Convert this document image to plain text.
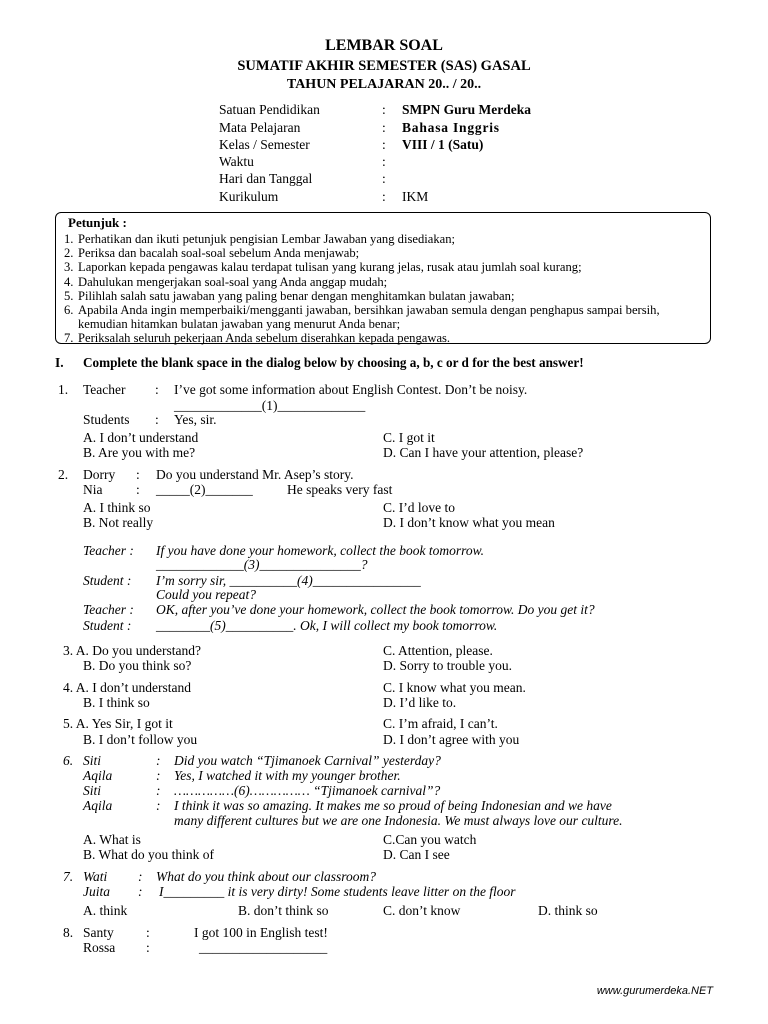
LEMBAR SOAL
SUMATIF AKHIR SEMESTER (SAS) GASAL
TAHUN PELAJARAN 20.. / 20..
Satuan Pendidikan	: SMPN Guru Merdeka
Mata Pelajaran	: Bahasa Inggris
Kelas / Semester	: VIII / 1 (Satu)
Waktu	:
Hari dan Tanggal	:
Kurikulum	: IKM
Petunjuk :
1. Perhatikan dan ikuti petunjuk pengisian Lembar Jawaban yang disediakan;
2. Periksa dan bacalah soal-soal sebelum Anda menjawab;
3. Laporkan kepada pengawas kalau terdapat tulisan yang kurang jelas, rusak atau jumlah soal kurang;
4. Dahulukan mengerjakan soal-soal yang Anda anggap mudah;
5. Pilihlah salah satu jawaban yang paling benar dengan menghitamkan bulatan jawaban;
6. Apabila Anda ingin memperbaiki/mengganti jawaban, bersihkan jawaban semula dengan penghapus sampai bersih, kemudian hitamkan bulatan jawaban yang menurut Anda benar;
7. Periksalah seluruh pekerjaan Anda sebelum diserahkan kepada pengawas.
I. Complete the blank space in the dialog below by choosing a, b, c or d for the best answer!
1. Teacher : I’ve got some information about English Contest. Don’t be noisy.
_____________(1)_____________
Students : Yes, sir.
A. I don’t understand	C. I got it
B. Are you with me?	D. Can I have your attention, please?
2. Dorry : Do you understand Mr. Asep’s story.
Nia : _____(2)_______	He speaks very fast
A. I think so	C. I’d love to
B. Not really	D. I don’t know what you mean
Teacher : If you have done your homework, collect the book tomorrow.
_____________(3)_______________?
Student : I’m sorry sir, __________(4)________________
Could you repeat?
Teacher : OK, after you’ve done your homework, collect the book tomorrow. Do you get it?
Student : ________(5)__________. Ok, I will collect my book tomorrow.
3. A. Do you understand?	C. Attention, please.
B. Do you think so?	D. Sorry to trouble you.
4. A. I don’t understand	C. I know what you mean.
B. I think so	D. I’d like to.
5. A. Yes Sir, I got it	C. I’m afraid, I can’t.
B. I don’t follow you	D. I don’t agree with you
6. Siti	: Did you watch “Tjimanoek Carnival” yesterday?
Aqila	: Yes, I watched it with my younger brother.
Siti	: ……………(6)…………… “Tjimanoek carnival”?
Aqila	: I think it was so amazing. It makes me so proud of being Indonesian and we have
many different cultures but we are one Indonesia. We must always love our culture.
A. What is	C.Can you watch
B. What do you think of	D. Can I see
7. Wati : What do you think about our classroom?
Juita : I_________ it is very dirty! Some students leave litter on the floor
A. think	B. don’t think so	C. don’t know	D. think so
8. Santy :	I got 100 in English test!
Rossa :	___________________
www.gurumerdeka.NET
